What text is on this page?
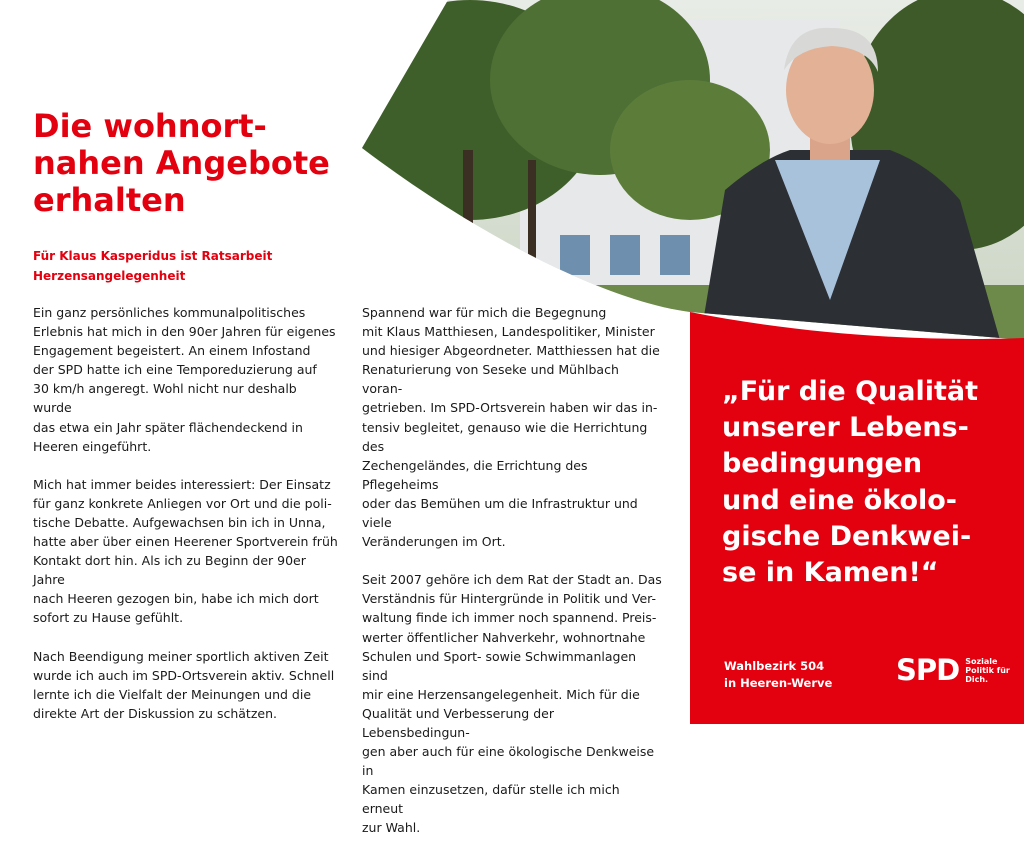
Die wohnort-
nahen Angebote
erhalten
Für Klaus Kasperidus ist Ratsarbeit
Herzensangelegenheit

Ein ganz persönliches kommunalpolitisches
Erlebnis hat mich in den 90er Jahren für eigenes
Engagement begeistert. An einem Infostand
der SPD hatte ich eine Temporeduzierung auf
30 km/h angeregt. Wohl nicht nur deshalb wurde
das etwa ein Jahr später flächendeckend in
Heeren eingeführt.

Mich hat immer beides interessiert: Der Einsatz
für ganz konkrete Anliegen vor Ort und die poli-
tische Debatte. Aufgewachsen bin ich in Unna,
hatte aber über einen Heerener Sportverein früh
Kontakt dort hin. Als ich zu Beginn der 90er Jahre
nach Heeren gezogen bin, habe ich mich dort
sofort zu Hause gefühlt.

Nach Beendigung meiner sportlich aktiven Zeit
wurde ich auch im SPD-Ortsverein aktiv. Schnell
lernte ich die Vielfalt der Meinungen und die
direkte Art der Diskussion zu schätzen.

Spannend war für mich die Begegnung
mit Klaus Matthiesen, Landespolitiker, Minister
und hiesiger Abgeordneter. Matthiessen hat die
Renaturierung von Seseke und Mühlbach voran-
getrieben. Im SPD-Ortsverein haben wir das in-
tensiv begleitet, genauso wie die Herrichtung des
Zechengeländes, die Errichtung des Pflegeheims
oder das Bemühen um die Infrastruktur und viele
Veränderungen im Ort.

Seit 2007 gehöre ich dem Rat der Stadt an. Das
Verständnis für Hintergründe in Politik und Ver-
waltung finde ich immer noch spannend. Preis-
werter öffentlicher Nahverkehr, wohnortnahe
Schulen und Sport- sowie Schwimmanlagen sind
mir eine Herzensangelegenheit. Mich für die
Qualität und Verbesserung der Lebensbedingun-
gen aber auch für eine ökologische Denkweise in
Kamen einzusetzen, dafür stelle ich mich erneut
zur Wahl.

„Für die Qualität
unserer Lebens-
bedingungen
und eine ökolo-
gische Denkwei-
se in Kamen!“

Wahlbezirk 504
in Heeren-Werve SPD Soziale
Politik für
Dich.
